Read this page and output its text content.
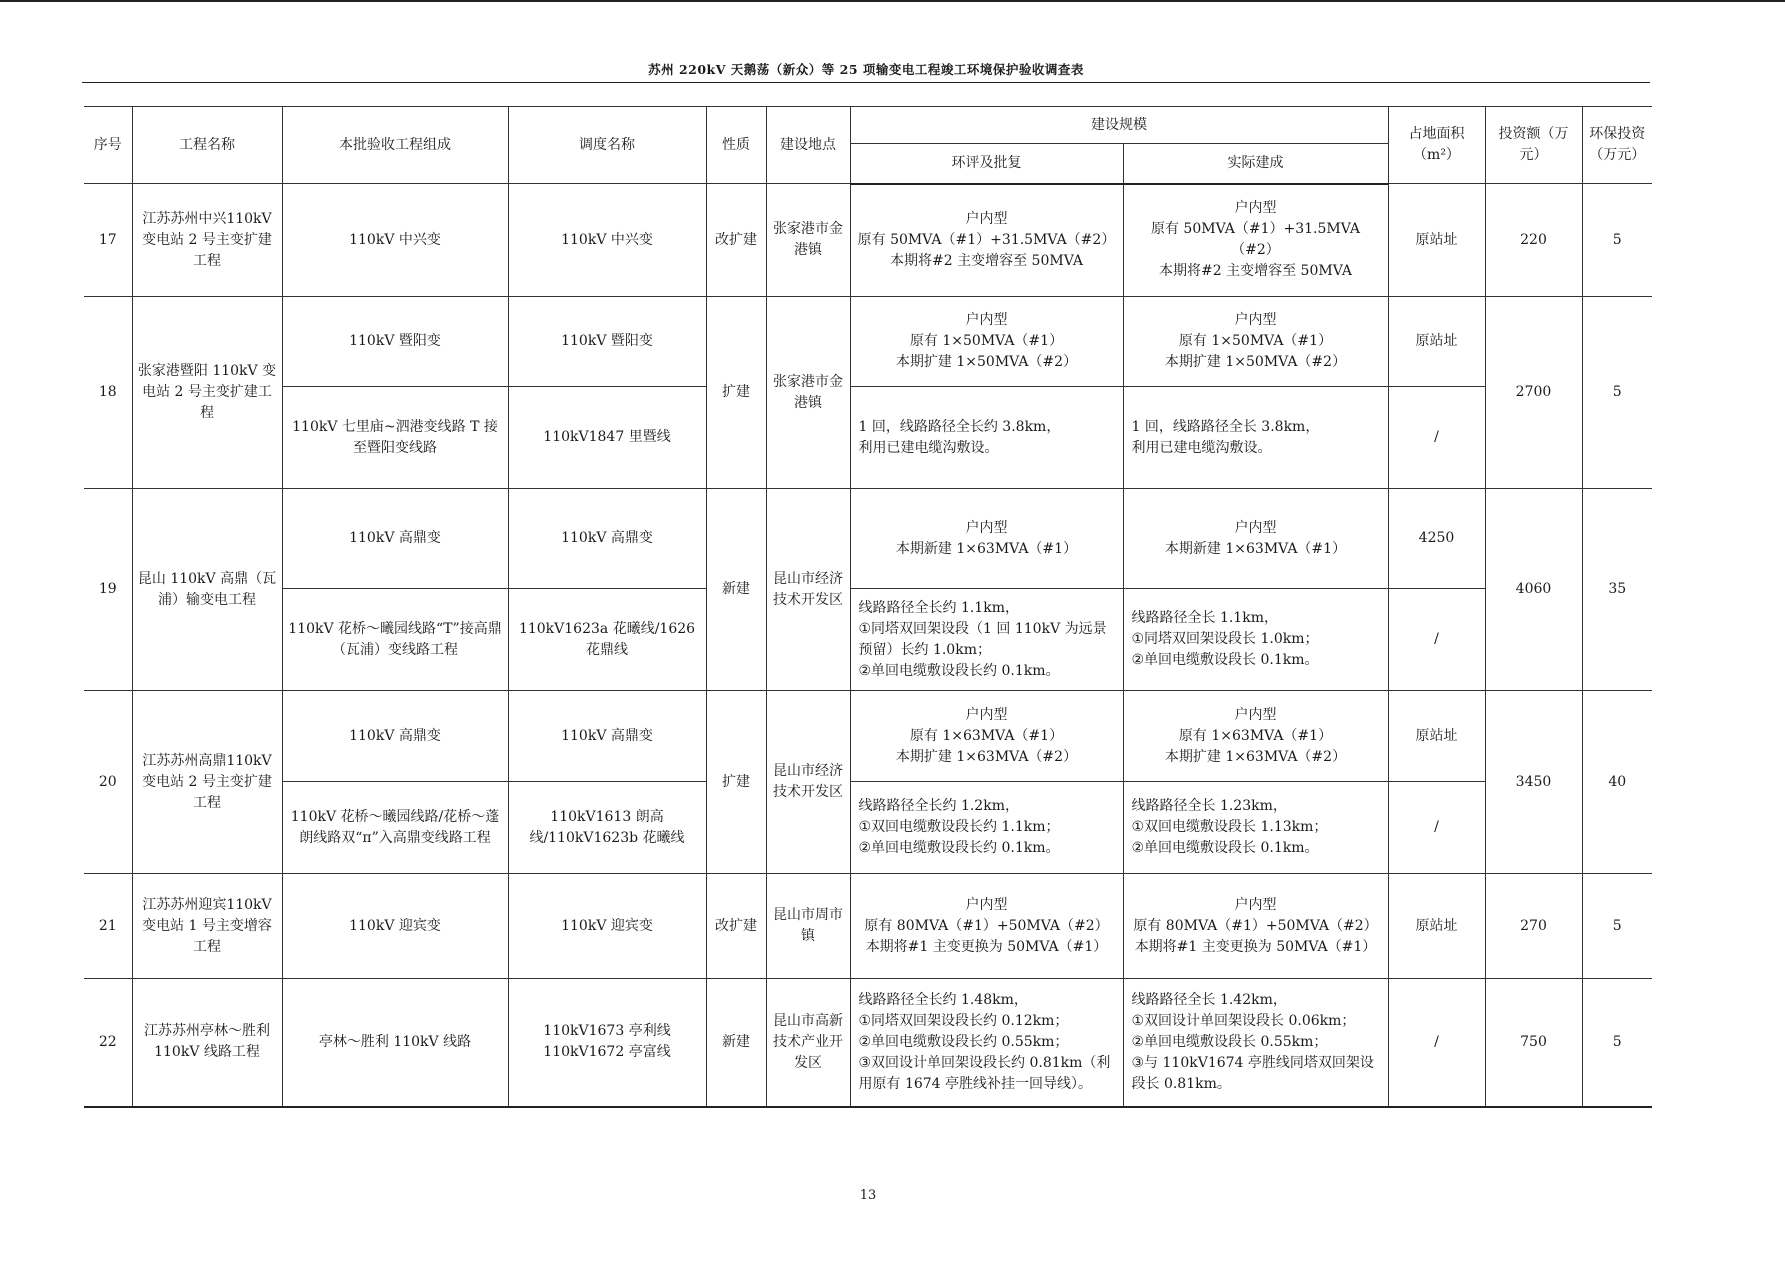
苏州 220kV 天鹅荡（新众）等 25 项输变电工程竣工环境保护验收调查表
序号	工程名称	本批验收工程组成	调度名称	性质	建设地点	建设规模		占地面积（m²）	投资额（万元）	环保投资（万元）
						环评及批复	实际建成			
17	江苏苏州中兴110kV 变电站 2 号主变扩建工程	110kV 中兴变	110kV 中兴变	改扩建	张家港市金港镇	户内型
原有 50MVA（#1）+31.5MVA（#2）
本期将#2 主变增容至 50MVA	户内型
原有 50MVA（#1）+31.5MVA（#2）
本期将#2 主变增容至 50MVA	原站址	220	5
18	张家港暨阳 110kV 变电站 2 号主变扩建工程	110kV 暨阳变	110kV 暨阳变	扩建	张家港市金港镇	户内型
原有 1×50MVA（#1）
本期扩建 1×50MVA（#2）	户内型
原有 1×50MVA（#1）
本期扩建 1×50MVA（#2）	原站址	2700	5
		110kV 七里庙~泗港变线路 T 接至暨阳变线路	110kV1847 里暨线			1 回，线路路径全长约 3.8km，
利用已建电缆沟敷设。	1 回，线路路径全长 3.8km，
利用已建电缆沟敷设。	/		
19	昆山 110kV 高鼎（瓦浦）输变电工程	110kV 高鼎变	110kV 高鼎变	新建	昆山市经济技术开发区	户内型
本期新建 1×63MVA（#1）	户内型
本期新建 1×63MVA（#1）	4250	4060	35
		110kV 花桥～曦园线路“T”接高鼎（瓦浦）变线路工程	110kV1623a 花曦线/1626 花鼎线			线路路径全长约 1.1km，
①同塔双回架设段（1 回 110kV 为远景预留）长约 1.0km；
②单回电缆敷设段长约 0.1km。	线路路径全长 1.1km，
①同塔双回架设段长 1.0km；
②单回电缆敷设段长 0.1km。	/		
20	江苏苏州高鼎110kV 变电站 2 号主变扩建工程	110kV 高鼎变	110kV 高鼎变	扩建	昆山市经济技术开发区	户内型
原有 1×63MVA（#1）
本期扩建 1×63MVA（#2）	户内型
原有 1×63MVA（#1）
本期扩建 1×63MVA（#2）	原站址	3450	40
		110kV 花桥～曦园线路/花桥～蓬朗线路双“π”入高鼎变线路工程	110kV1613 朗高线/110kV1623b 花曦线			线路路径全长约 1.2km，
①双回电缆敷设段长约 1.1km；
②单回电缆敷设段长约 0.1km。	线路路径全长 1.23km，
①双回电缆敷设段长 1.13km；
②单回电缆敷设段长 0.1km。	/		
21	江苏苏州迎宾110kV 变电站 1 号主变增容工程	110kV 迎宾变	110kV 迎宾变	改扩建	昆山市周市镇	户内型
原有 80MVA（#1）+50MVA（#2）
本期将#1 主变更换为 50MVA（#1）	户内型
原有 80MVA（#1）+50MVA（#2）
本期将#1 主变更换为 50MVA（#1）	原站址	270	5
22	江苏苏州亭林～胜利 110kV 线路工程	亭林～胜利 110kV 线路	110kV1673 亭利线
110kV1672 亭富线	新建	昆山市高新技术产业开发区	线路路径全长约 1.48km，
①同塔双回架设段长约 0.12km；
②单回电缆敷设段长约 0.55km；
③双回设计单回架设段长约 0.81km（利用原有 1674 亭胜线补挂一回导线）。	线路路径全长 1.42km，
①双回设计单回架设段长 0.06km；
②单回电缆敷设段长 0.55km；
③与 110kV1674 亭胜线同塔双回架设段长 0.81km。	/	750	5
13
